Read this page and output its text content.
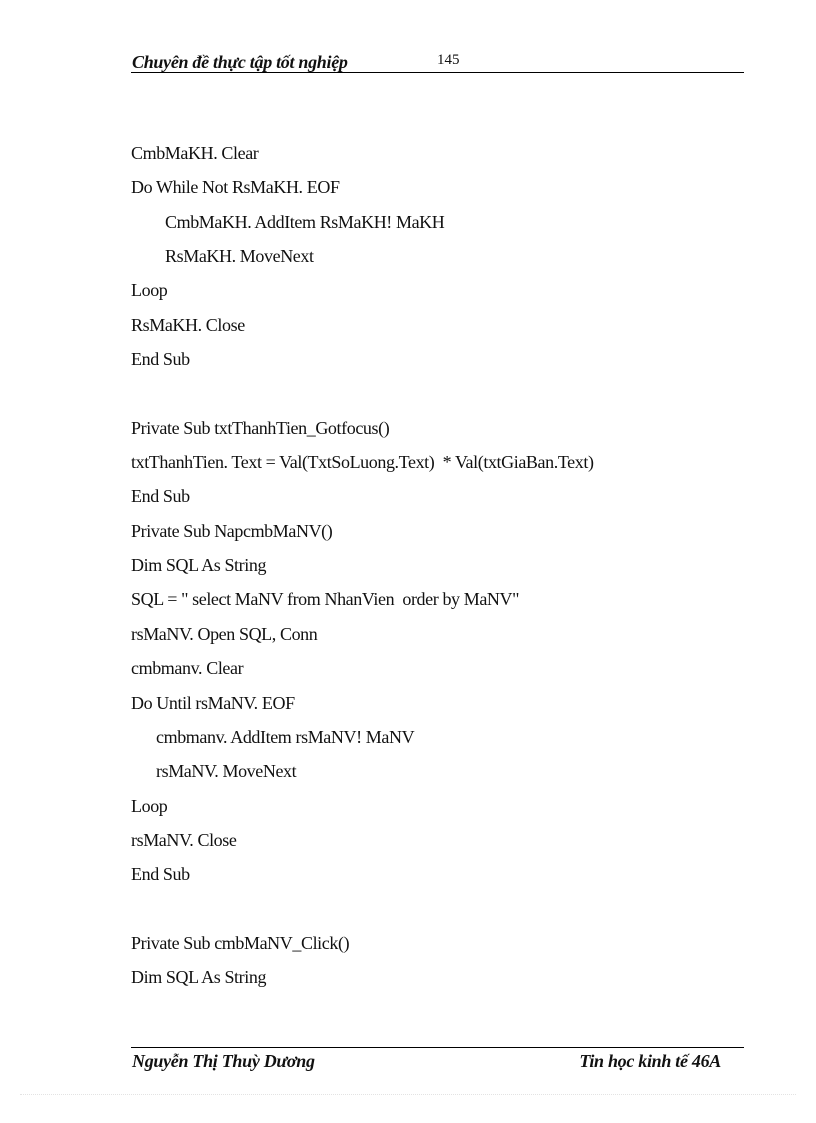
Chuyên đề thực tập tốt nghiệp	145
CmbMaKH. Clear
Do While Not RsMaKH. EOF
CmbMaKH. AddItem RsMaKH! MaKH
RsMaKH. MoveNext
Loop
RsMaKH. Close
End Sub
Private Sub txtThanhTien_Gotfocus()
txtThanhTien. Text = Val(TxtSoLuong.Text)  * Val(txtGiaBan.Text)
End Sub
Private Sub NapcmbMaNV()
Dim SQL As String
SQL = " select MaNV from NhanVien  order by MaNV"
rsMaNV. Open SQL, Conn
cmbmanv. Clear
Do Until rsMaNV. EOF
cmbmanv. AddItem rsMaNV! MaNV
rsMaNV. MoveNext
Loop
rsMaNV. Close
End Sub
Private Sub cmbMaNV_Click()
Dim SQL As String
Nguyễn Thị Thuỳ Dương	Tin học kinh tế 46A
